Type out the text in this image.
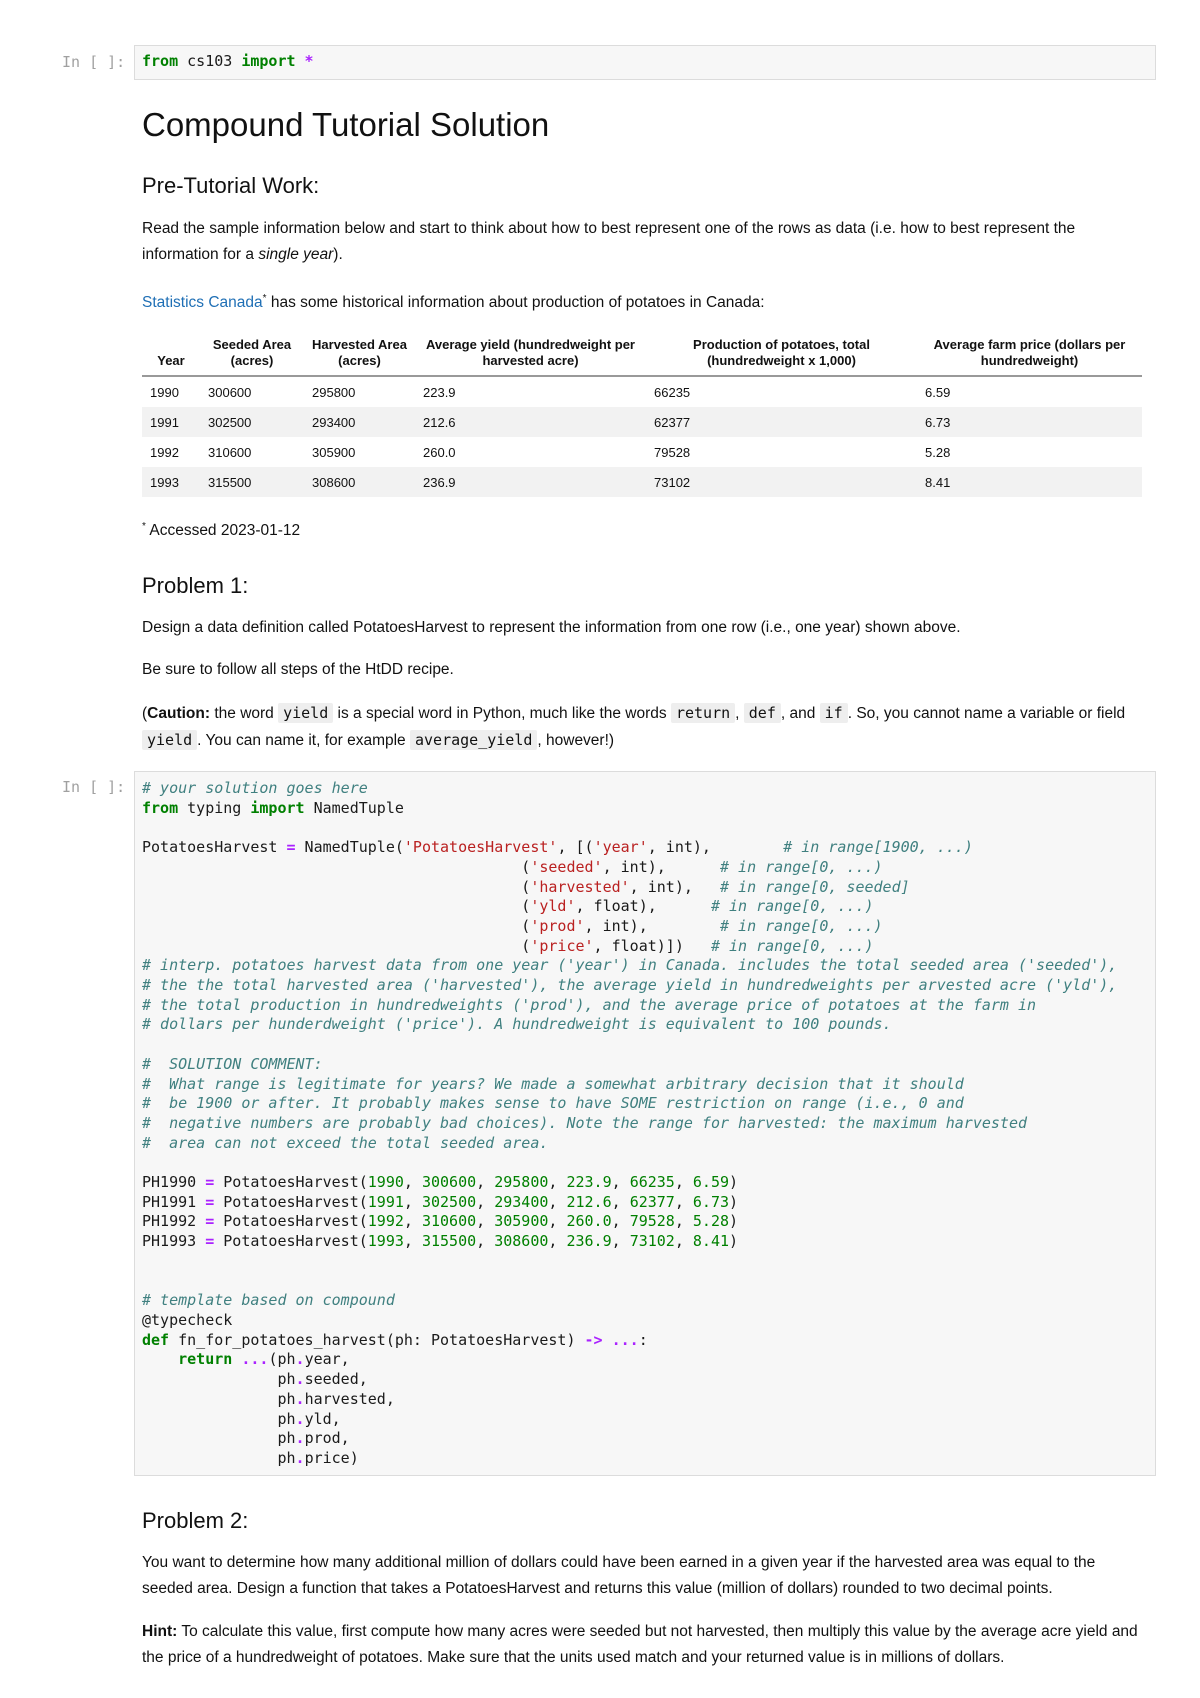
In [ ]: from cs103 import *
Compound Tutorial Solution
Pre-Tutorial Work:

Read the sample information below and start to think about how to best represent one of the rows as data (i.e. how to best represent the information for a single year).

Statistics Canada* has some historical information about production of potatoes in Canada:

Year	Seeded Area (acres)	Harvested Area (acres)	Average yield (hundredweight per harvested acre)	Production of potatoes, total (hundredweight x 1,000)	Average farm price (dollars per hundredweight)
1990	300600	295800	223.9	66235	6.59
1991	302500	293400	212.6	62377	6.73
1992	310600	305900	260.0	79528	5.28
1993	315500	308600	236.9	73102	8.41

* Accessed 2023-01-12

Problem 1:

Design a data definition called PotatoesHarvest to represent the information from one row (i.e., one year) shown above.

Be sure to follow all steps of the HtDD recipe.

(Caution: the word yield is a special word in Python, much like the words return , def , and if . So, you cannot name a variable or field yield . You can name it, for example average_yield , however!)

In [ ]: # your solution goes here
from typing import NamedTuple

PotatoesHarvest = NamedTuple('PotatoesHarvest', [('year', int),        # in range[1900, ...)
('seeded', int),      # in range[0, ...)
('harvested', int),   # in range[0, seeded]
('yld', float),      # in range[0, ...)
('prod', int),        # in range[0, ...)
('price', float)])   # in range[0, ...)
# interp. potatoes harvest data from one year ('year') in Canada. includes the total seeded area ('seeded'),
# the the total harvested area ('harvested'), the average yield in hundredweights per arvested acre ('yld'),
# the total production in hundredweights ('prod'), and the average price of potatoes at the farm in
# dollars per hunderdweight ('price'). A hundredweight is equivalent to 100 pounds.

#  SOLUTION COMMENT:
#  What range is legitimate for years? We made a somewhat arbitrary decision that it should
#  be 1900 or after. It probably makes sense to have SOME restriction on range (i.e., 0 and
#  negative numbers are probably bad choices). Note the range for harvested: the maximum harvested
#  area can not exceed the total seeded area.

PH1990 = PotatoesHarvest(1990, 300600, 295800, 223.9, 66235, 6.59)
PH1991 = PotatoesHarvest(1991, 302500, 293400, 212.6, 62377, 6.73)
PH1992 = PotatoesHarvest(1992, 310600, 305900, 260.0, 79528, 5.28)
PH1993 = PotatoesHarvest(1993, 315500, 308600, 236.9, 73102, 8.41)

# template based on compound
@typecheck
def fn_for_potatoes_harvest(ph: PotatoesHarvest) -> ...:
return ...(ph.year,
ph.seeded,
ph.harvested,
ph.yld,
ph.prod,
ph.price)
Problem 2:

You want to determine how many additional million of dollars could have been earned in a given year if the harvested area was equal to the seeded area. Design a function that takes a PotatoesHarvest and returns this value (million of dollars) rounded to two decimal points.

Hint: To calculate this value, first compute how many acres were seeded but not harvested, then multiply this value by the average acre yield and the price of a hundredweight of potatoes. Make sure that the units used match and your returned value is in millions of dollars.
